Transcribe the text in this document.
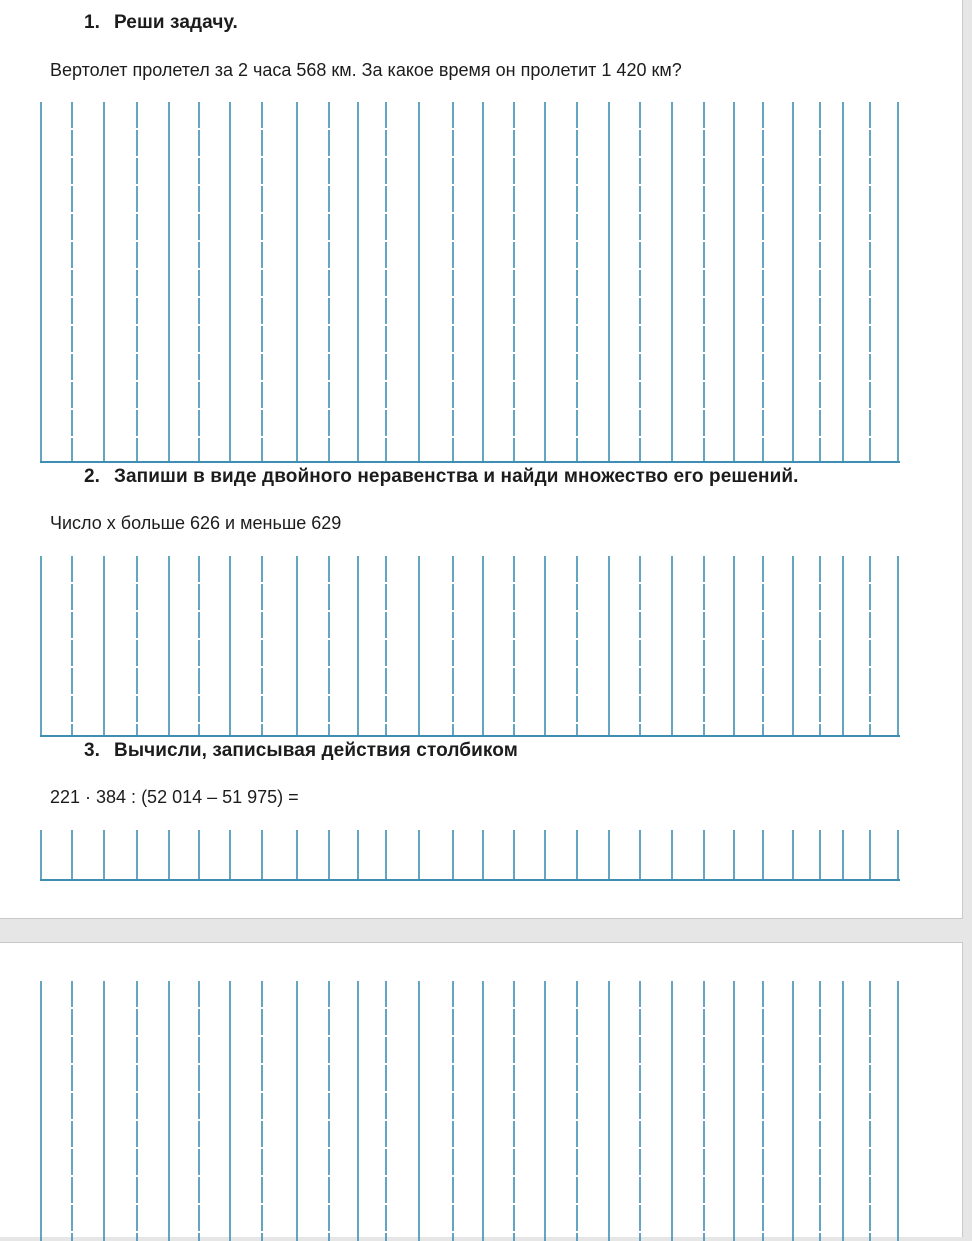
1. Реши задачу.
Вертолет пролетел за 2 часа 568 км. За какое время он пролетит 1 420 км?
2. Запиши в виде двойного неравенства и найди множество его решений.
Число х больше 626 и меньше 629
3. Вычисли, записывая действия столбиком
221 · 384 : (52 014 – 51 975) =
